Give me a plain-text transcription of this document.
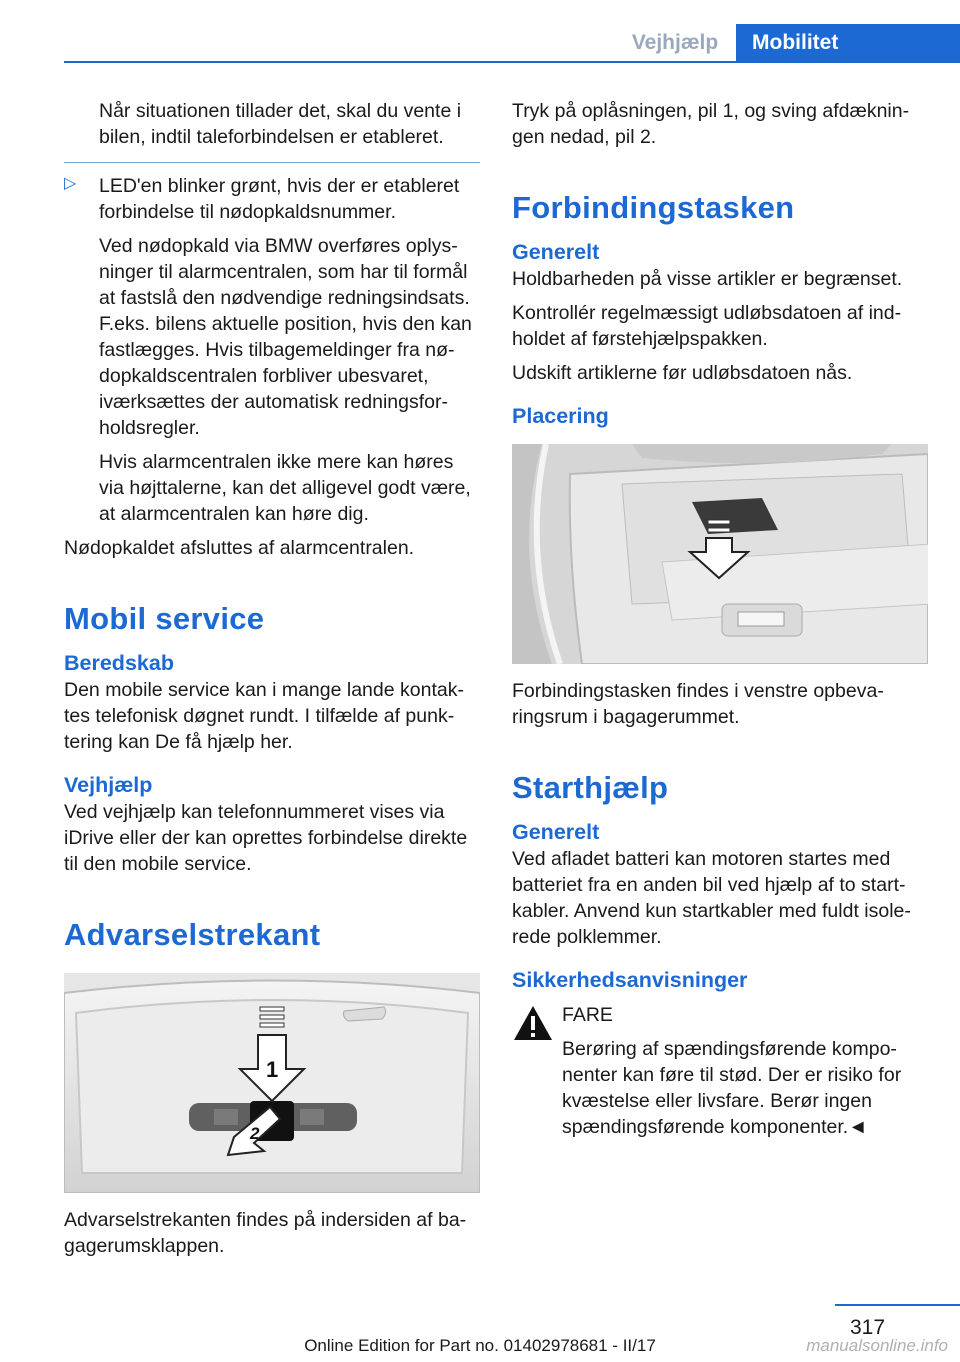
Vejhjælp	Mobilitet

Når situationen tillader det, skal du vente i bilen, indtil taleforbindelsen er etableret.

▷ LED'en blinker grønt, hvis der er etableret forbindelse til nødopkaldsnummer.

Ved nødopkald via BMW overføres oplysninger til alarmcentralen, som har til formål at fastslå den nødvendige redningsindsats. F.eks. bilens aktuelle position, hvis den kan fastlægges. Hvis tilbagemeldinger fra nødopkaldscentralen forbliver ubesvaret, iværksættes der automatisk redningsforholdsregler.

Hvis alarmcentralen ikke mere kan høres via højttalerne, kan det alligevel godt være, at alarmcentralen kan høre dig.

Nødopkaldet afsluttes af alarmcentralen.

Mobil service
Beredskab

Den mobile service kan i mange lande kontaktes telefonisk døgnet rundt. I tilfælde af punktering kan De få hjælp her.

Vejhjælp

Ved vejhjælp kan telefonnummeret vises via iDrive eller der kan oprettes forbindelse direkte til den mobile service.

Advarselstrekant
1
2

Advarselstrekanten findes på indersiden af bagagerumsklappen.

Tryk på oplåsningen, pil 1, og sving afdækningen nedad, pil 2.

Forbindingstasken
Generelt

Holdbarheden på visse artikler er begrænset.

Kontrollér regelmæssigt udløbsdatoen af indholdet af førstehjælpspakken.

Udskift artiklerne før udløbsdatoen nås.

Placering

Forbindingstasken findes i venstre opbevaringsrum i bagagerummet.

Starthjælp
Generelt

Ved afladet batteri kan motoren startes med batteriet fra en anden bil ved hjælp af to startkabler. Anvend kun startkabler med fuldt isolerede polklemmer.

Sikkerhedsanvisninger

FARE

Berøring af spændingsførende komponenter kan føre til stød. Der er risiko for kvæstelse eller livsfare. Berør ingen spændingsførende komponenter.◄

317
Online Edition for Part no. 01402978681 - II/17	manualsonline.info
